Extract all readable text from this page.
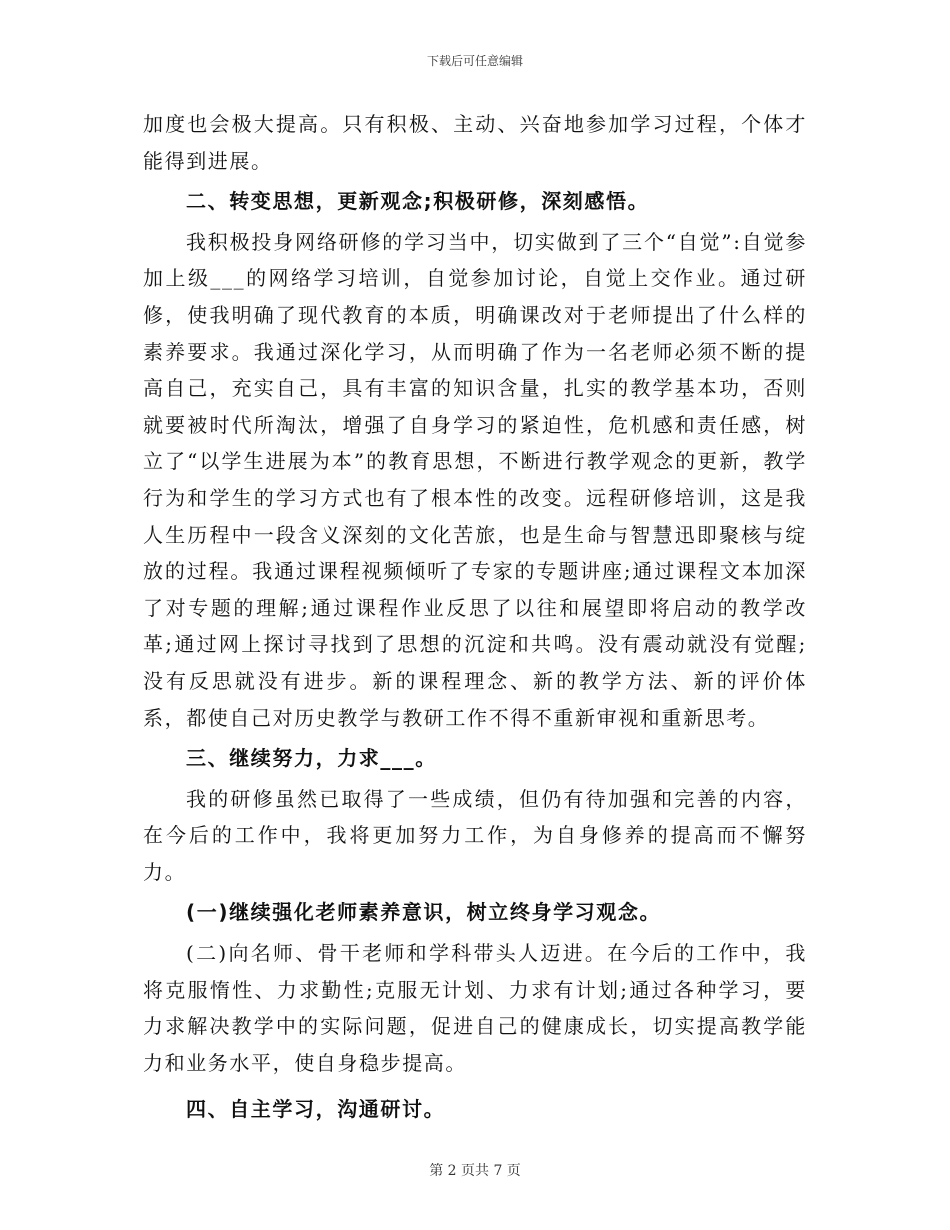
下载后可任意编辑

加度也会极大提高。只有积极、主动、兴奋地参加学习过程，个体才能得到进展。

二、转变思想，更新观念;积极研修，深刻感悟。

我积极投身网络研修的学习当中，切实做到了三个“自觉”:自觉参加上级___的网络学习培训，自觉参加讨论，自觉上交作业。通过研修，使我明确了现代教育的本质，明确课改对于老师提出了什么样的素养要求。我通过深化学习，从而明确了作为一名老师必须不断的提高自己，充实自己，具有丰富的知识含量，扎实的教学基本功，否则就要被时代所淘汰，增强了自身学习的紧迫性，危机感和责任感，树立了“以学生进展为本”的教育思想，不断进行教学观念的更新，教学行为和学生的学习方式也有了根本性的改变。远程研修培训，这是我人生历程中一段含义深刻的文化苦旅，也是生命与智慧迅即聚核与绽放的过程。我通过课程视频倾听了专家的专题讲座;通过课程文本加深了对专题的理解;通过课程作业反思了以往和展望即将启动的教学改革;通过网上探讨寻找到了思想的沉淀和共鸣。没有震动就没有觉醒;没有反思就没有进步。新的课程理念、新的教学方法、新的评价体系，都使自己对历史教学与教研工作不得不重新审视和重新思考。

三、继续努力，力求___。

我的研修虽然已取得了一些成绩，但仍有待加强和完善的内容，在今后的工作中，我将更加努力工作，为自身修养的提高而不懈努力。

(一)继续强化老师素养意识，树立终身学习观念。

(二)向名师、骨干老师和学科带头人迈进。在今后的工作中，我将克服惰性、力求勤性;克服无计划、力求有计划;通过各种学习，要力求解决教学中的实际问题，促进自己的健康成长，切实提高教学能力和业务水平，使自身稳步提高。

四、自主学习，沟通研讨。

第 2 页共 7 页
